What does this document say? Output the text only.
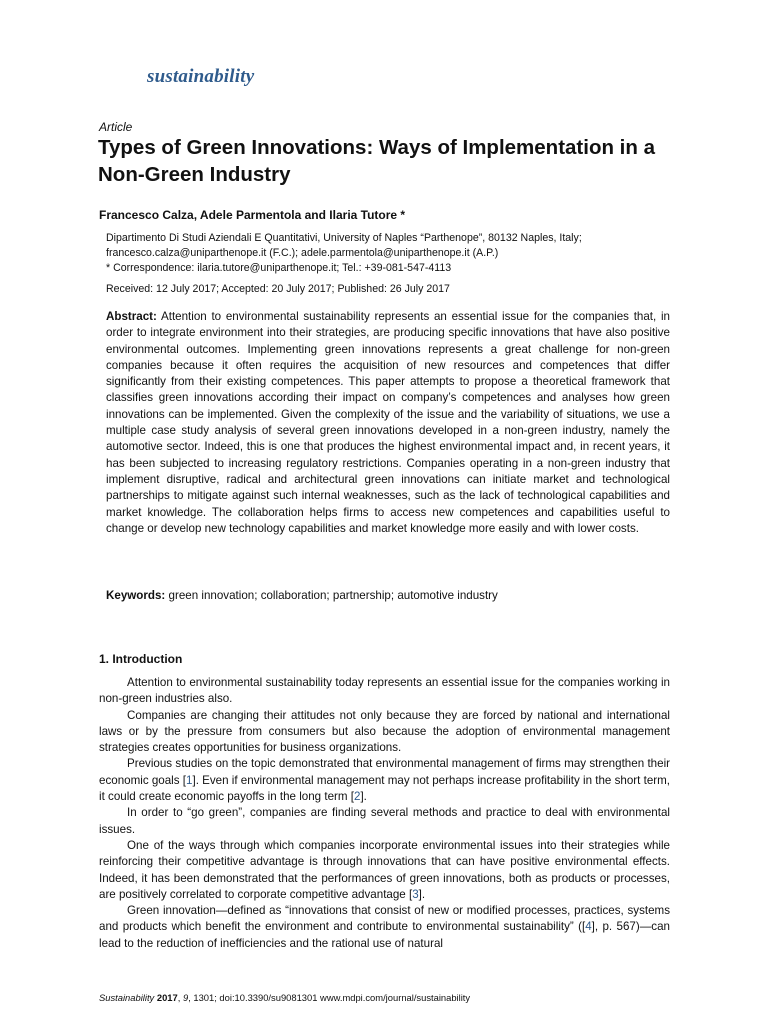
sustainability
Article
Types of Green Innovations: Ways of Implementation in a Non-Green Industry
Francesco Calza, Adele Parmentola and Ilaria Tutore *
Dipartimento Di Studi Aziendali E Quantitativi, University of Naples “Parthenope”, 80132 Naples, Italy;
francesco.calza@uniparthenope.it (F.C.); adele.parmentola@uniparthenope.it (A.P.)
* Correspondence: ilaria.tutore@uniparthenope.it; Tel.: +39-081-547-4113
Received: 12 July 2017; Accepted: 20 July 2017; Published: 26 July 2017

Abstract: Attention to environmental sustainability represents an essential issue for the companies that, in order to integrate environment into their strategies, are producing specific innovations that have also positive environmental outcomes. Implementing green innovations represents a great challenge for non-green companies because it often requires the acquisition of new resources and competences that differ significantly from their existing competences. This paper attempts to propose a theoretical framework that classifies green innovations according their impact on company’s competences and analyses how green innovations can be implemented. Given the complexity of the issue and the variability of situations, we use a multiple case study analysis of several green innovations developed in a non-green industry, namely the automotive sector. Indeed, this is one that produces the highest environmental impact and, in recent years, it has been subjected to increasing regulatory restrictions. Companies operating in a non-green industry that implement disruptive, radical and architectural green innovations can initiate market and technological partnerships to mitigate against such internal weaknesses, such as the lack of technological capabilities and market knowledge. The collaboration helps firms to access new competences and capabilities useful to change or develop new technology capabilities and market knowledge more easily and with lower costs.

Keywords: green innovation; collaboration; partnership; automotive industry
1. Introduction

Attention to environmental sustainability today represents an essential issue for the companies working in non-green industries also.

Companies are changing their attitudes not only because they are forced by national and international laws or by the pressure from consumers but also because the adoption of environmental management strategies creates opportunities for business organizations.

Previous studies on the topic demonstrated that environmental management of firms may strengthen their economic goals [1]. Even if environmental management may not perhaps increase profitability in the short term, it could create economic payoffs in the long term [2].

In order to “go green”, companies are finding several methods and practice to deal with environmental issues.

One of the ways through which companies incorporate environmental issues into their strategies while reinforcing their competitive advantage is through innovations that can have positive environmental effects. Indeed, it has been demonstrated that the performances of green innovations, both as products or processes, are positively correlated to corporate competitive advantage [3].

Green innovation—defined as “innovations that consist of new or modified processes, practices, systems and products which benefit the environment and contribute to environmental sustainability” ([4], p. 567)—can lead to the reduction of inefficiencies and the rational use of natural

Sustainability 2017, 9, 1301; doi:10.3390/su9081301 www.mdpi.com/journal/sustainability
